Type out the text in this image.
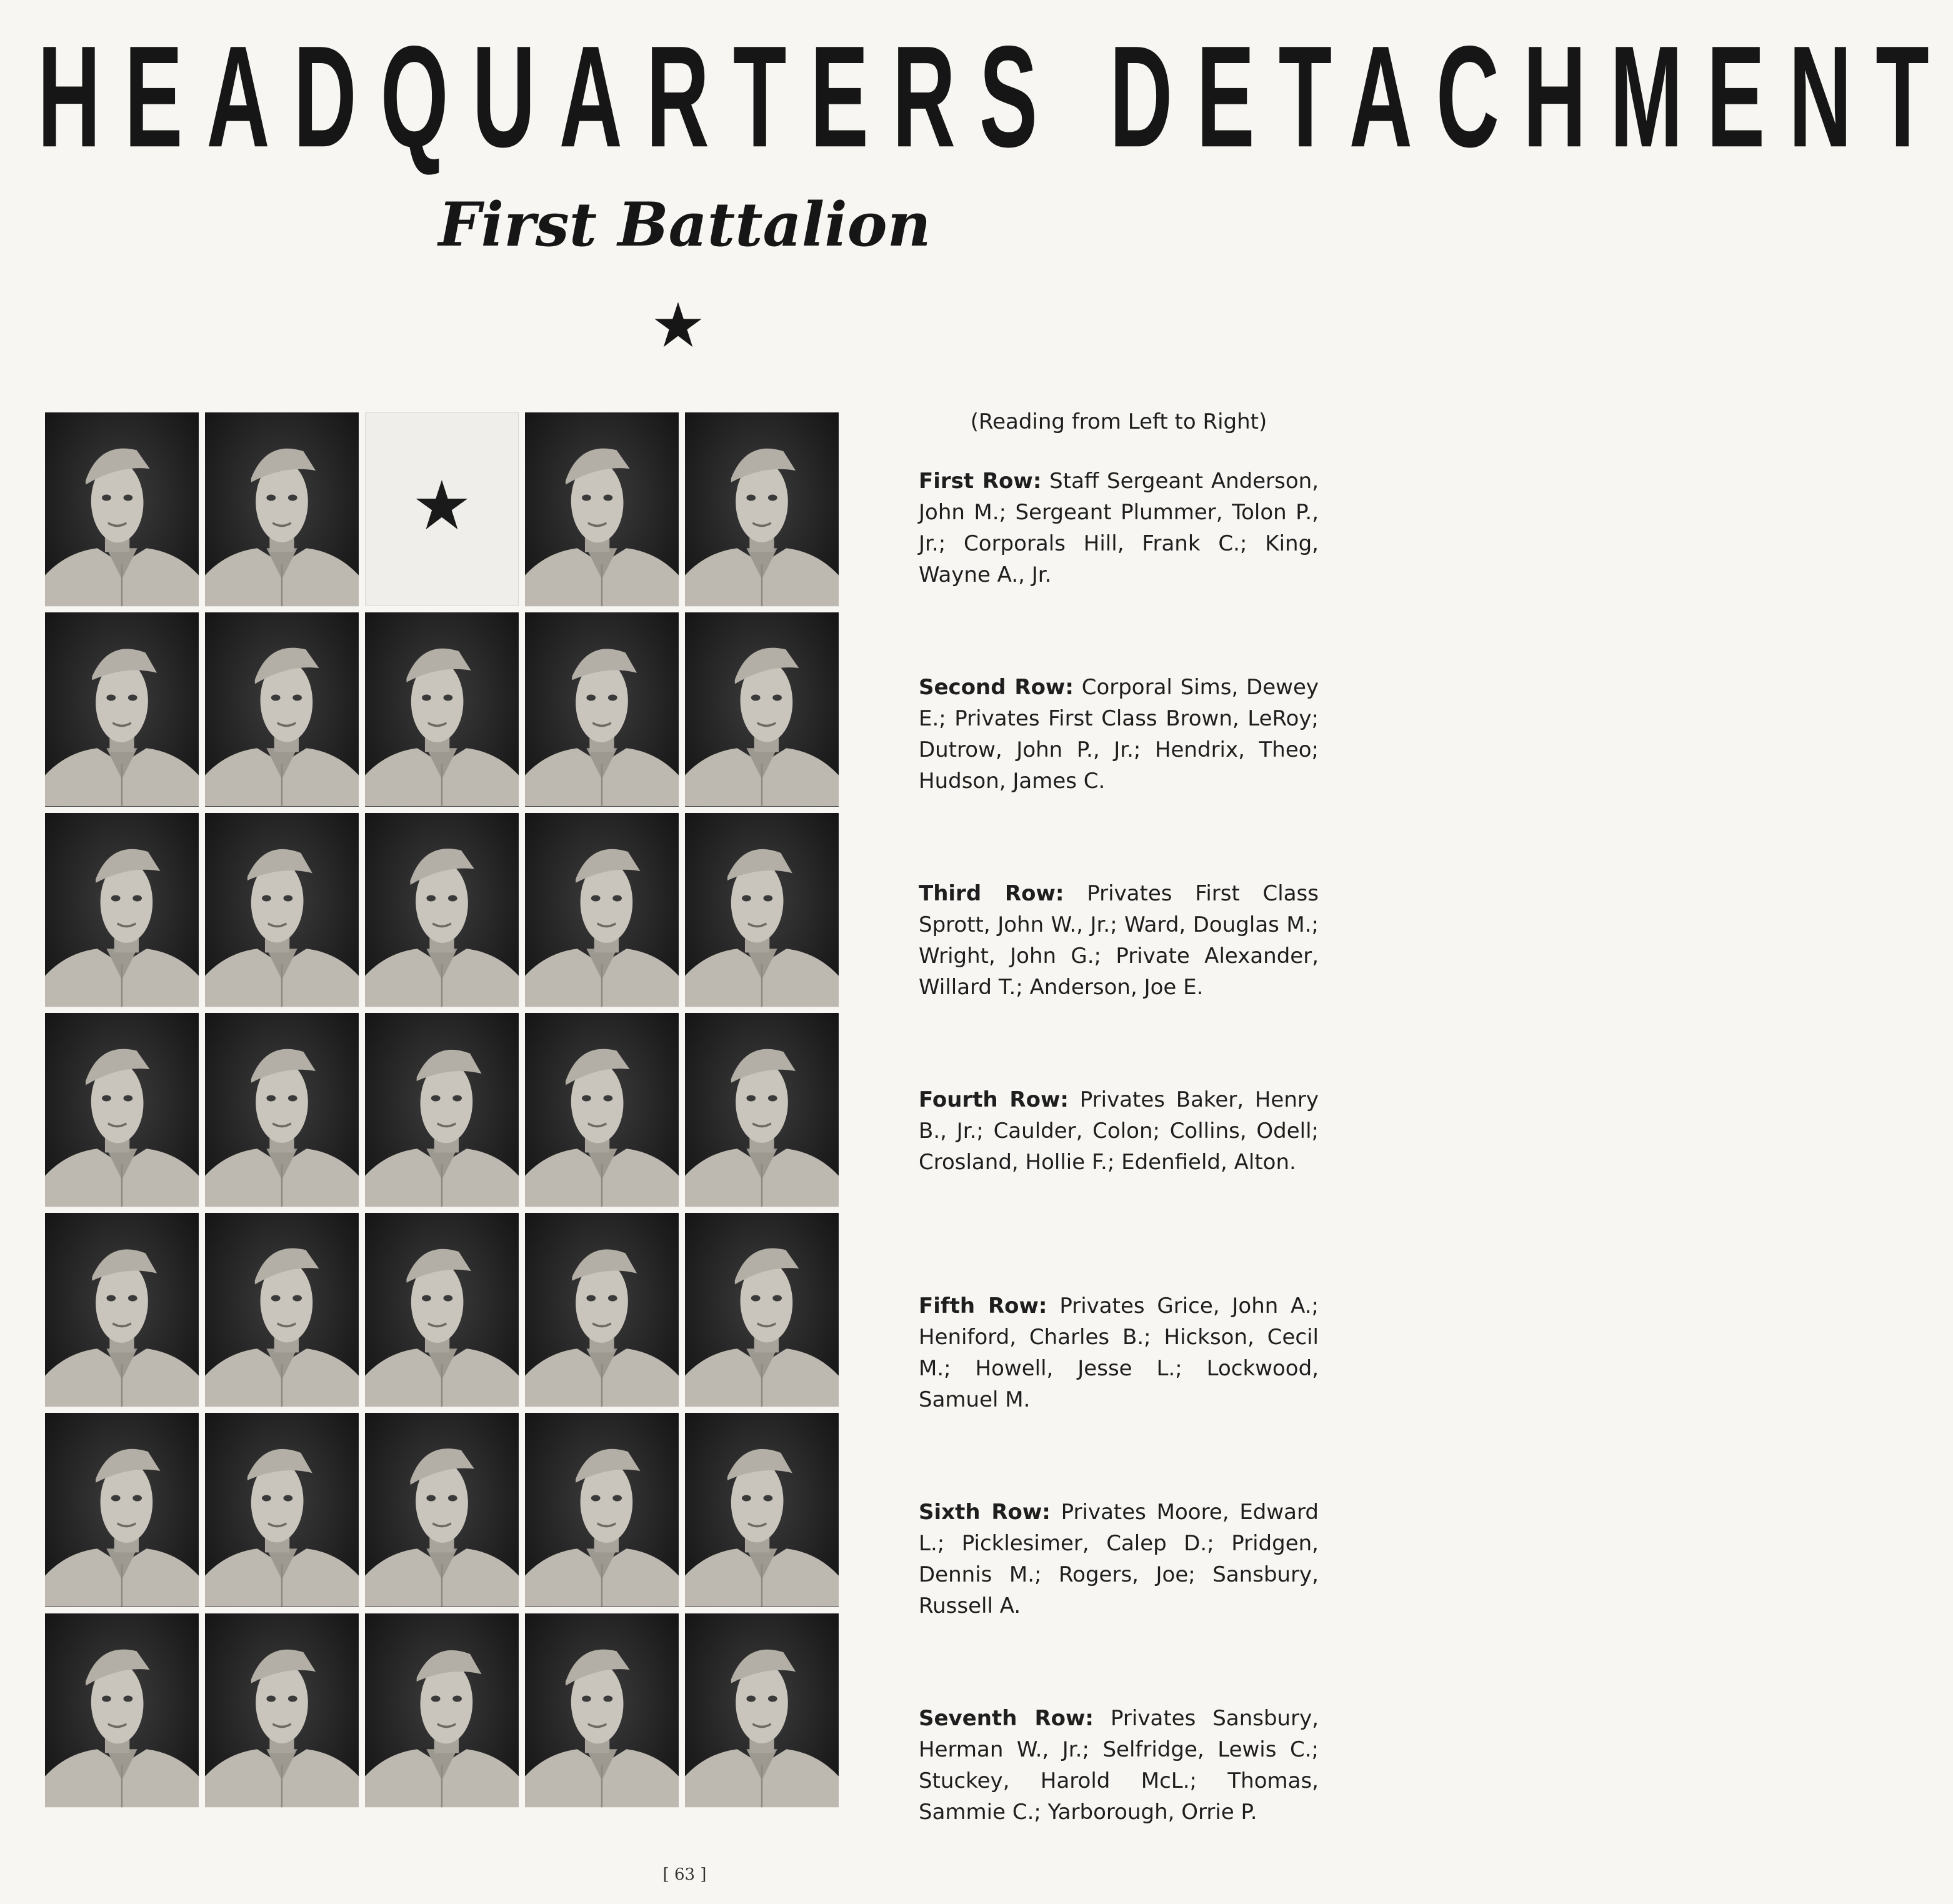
HEADQUARTERS DETACHMENT
First Battalion

(Reading from Left to Right)

First Row: Staff Sergeant Anderson, John M.; Sergeant Plummer, Tolon P., Jr.; Corporals Hill, Frank C.; King, Wayne A., Jr.

Second Row: Corporal Sims, Dewey E.; Privates First Class Brown, LeRoy; Dutrow, John P., Jr.; Hendrix, Theo; Hudson, James C.

Third Row: Privates First Class Sprott, John W., Jr.; Ward, Douglas M.; Wright, John G.; Private Alexander, Willard T.; Anderson, Joe E.

Fourth Row: Privates Baker, Henry B., Jr.; Caulder, Colon; Collins, Odell; Crosland, Hollie F.; Edenfield, Alton.

Fifth Row: Privates Grice, John A.; Heniford, Charles B.; Hickson, Cecil M.; Howell, Jesse L.; Lockwood, Samuel M.

Sixth Row: Privates Moore, Edward L.; Picklesimer, Calep D.; Pridgen, Dennis M.; Rogers, Joe; Sansbury, Russell A.

Seventh Row: Privates Sansbury, Herman W., Jr.; Selfridge, Lewis C.; Stuckey, Harold McL.; Thomas, Sammie C.; Yarborough, Orrie P.

[ 63 ]
